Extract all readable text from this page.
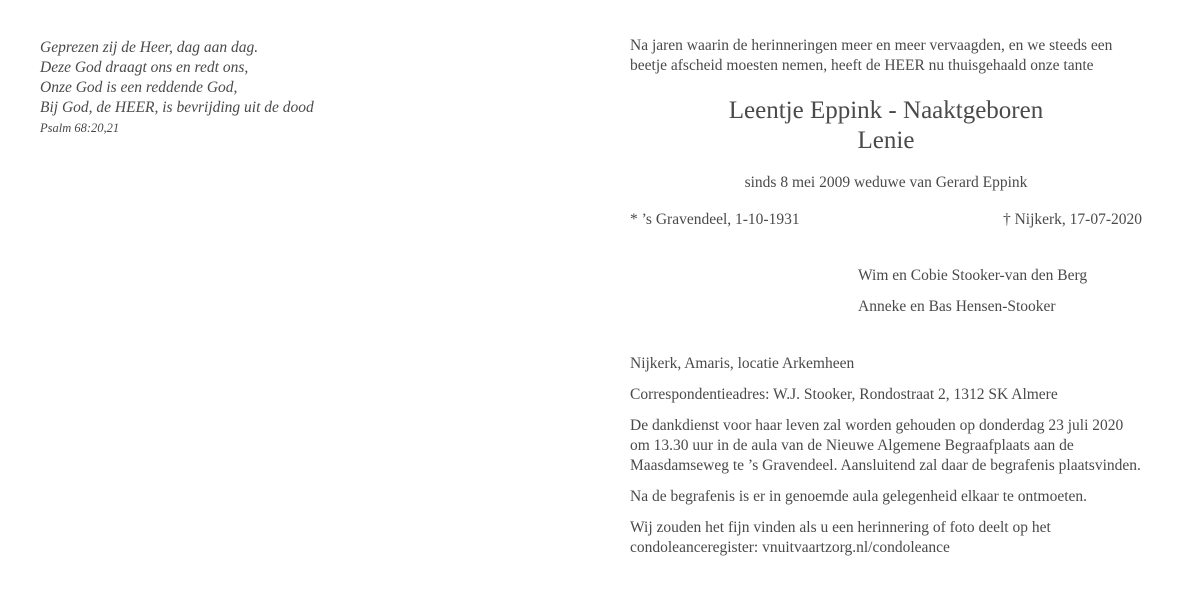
Geprezen zij de Heer, dag aan dag.
Deze God draagt ons en redt ons,
Onze God is een reddende God,
Bij God, de HEER, is bevrijding uit de dood
Psalm 68:20,21
Na jaren waarin de herinneringen meer en meer vervaagden, en we steeds een
beetje afscheid moesten nemen, heeft de HEER nu thuisgehaald onze tante
Leentje Eppink - Naaktgeboren
Lenie
sinds 8 mei 2009 weduwe van Gerard Eppink
* ’s Gravendeel, 1-10-1931	† Nijkerk, 17-07-2020
Wim en Cobie Stooker-van den Berg
Anneke en Bas Hensen-Stooker
Nijkerk, Amaris, locatie Arkemheen
Correspondentieadres: W.J. Stooker, Rondostraat 2, 1312 SK Almere
De dankdienst voor haar leven zal worden gehouden op donderdag 23 juli 2020
om 13.30 uur in de aula van de Nieuwe Algemene Begraafplaats aan de
Maasdamseweg te ’s Gravendeel. Aansluitend zal daar de begrafenis plaatsvinden.
Na de begrafenis is er in genoemde aula gelegenheid elkaar te ontmoeten.
Wij zouden het fijn vinden als u een herinnering of foto deelt op het
condoleanceregister: vnuitvaartzorg.nl/condoleance
